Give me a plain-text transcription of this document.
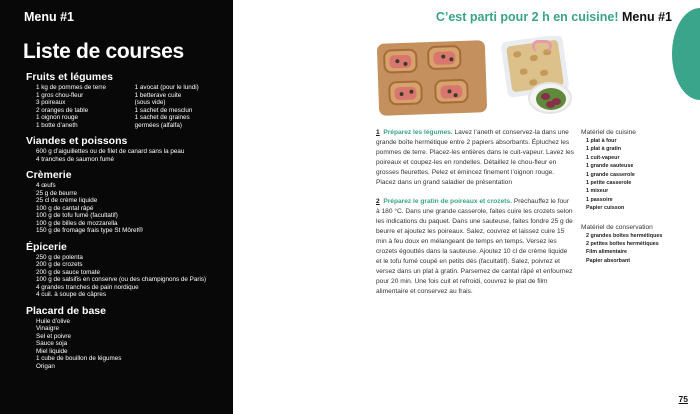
Menu #1
Liste de courses
Fruits et légumes
1 kg de pommes de terre
1 gros chou-fleur
3 poireaux
2 oranges de table
1 oignon rouge
1 botte d’aneth
1 avocat (pour le lundi)
1 betterave cuite
(sous vide)
1 sachet de mesclun
1 sachet de graines
germées (alfalfa)
Viandes et poissons
600 g d’aiguillettes ou de filet de canard sans la peau
4 tranches de saumon fumé
Crèmerie
4 œufs
25 g de beurre
25 cl de crème liquide
100 g de cantal râpé
100 g de tofu fumé (facultatif)
100 g de billes de mozzarella
150 g de fromage frais type St Môret®
Épicerie
250 g de polenta
200 g de crozets
200 g de sauce tomate
100 g de salsifis en conserve (ou des champignons de Paris)
4 grandes tranches de pain nordique
4 cuil. à soupe de câpres
Placard de base
Huile d’olive
Vinaigre
Sel et poivre
Sauce soja
Miel liquide
1 cube de bouillon de légumes
Origan
C’est parti pour 2 h en cuisine! Menu #1

1 Préparez les légumes. Lavez l’aneth et conservez-la dans une grande boîte hermétique entre 2 papiers absorbants. Épluchez les pommes de terre. Placez-les entières dans le cuit-vapeur. Lavez les poireaux et coupez-les en rondelles. Détaillez le chou-fleur en grosses fleurettes. Pelez et émincez finement l’oignon rouge. Placez dans un grand saladier de présentation

2 Préparez le gratin de poireaux et crozets. Préchauffez le four à 180 °C. Dans une grande casserole, faites cuire les crozets selon les indications du paquet. Dans une sauteuse, faites fondre 25 g de beurre et ajoutez les poireaux. Salez, couvrez et laissez cuire 15 min à feu doux en mélangeant de temps en temps. Versez les crozets égouttés dans la sauteuse. Ajoutez 10 cl de crème liquide et le tofu fumé coupé en petits dés (facultatif). Salez, poivrez et versez dans un plat à gratin. Parsemez de cantal râpé et enfournez pour 20 min. Une fois cuit et refroidi, couvrez le plat de film alimentaire et conservez au frais.

Matériel de cuisine
1 plat à four
1 plat à gratin
1 cuit-vapeur
1 grande sauteuse
1 grande casserole
1 petite casserole
1 mixeur
1 passoire
Papier cuisson
Matériel de conservation
2 grandes boîtes hermétiques
2 petites boîtes hermétiques
Film alimentaire
Papier absorbant
75
